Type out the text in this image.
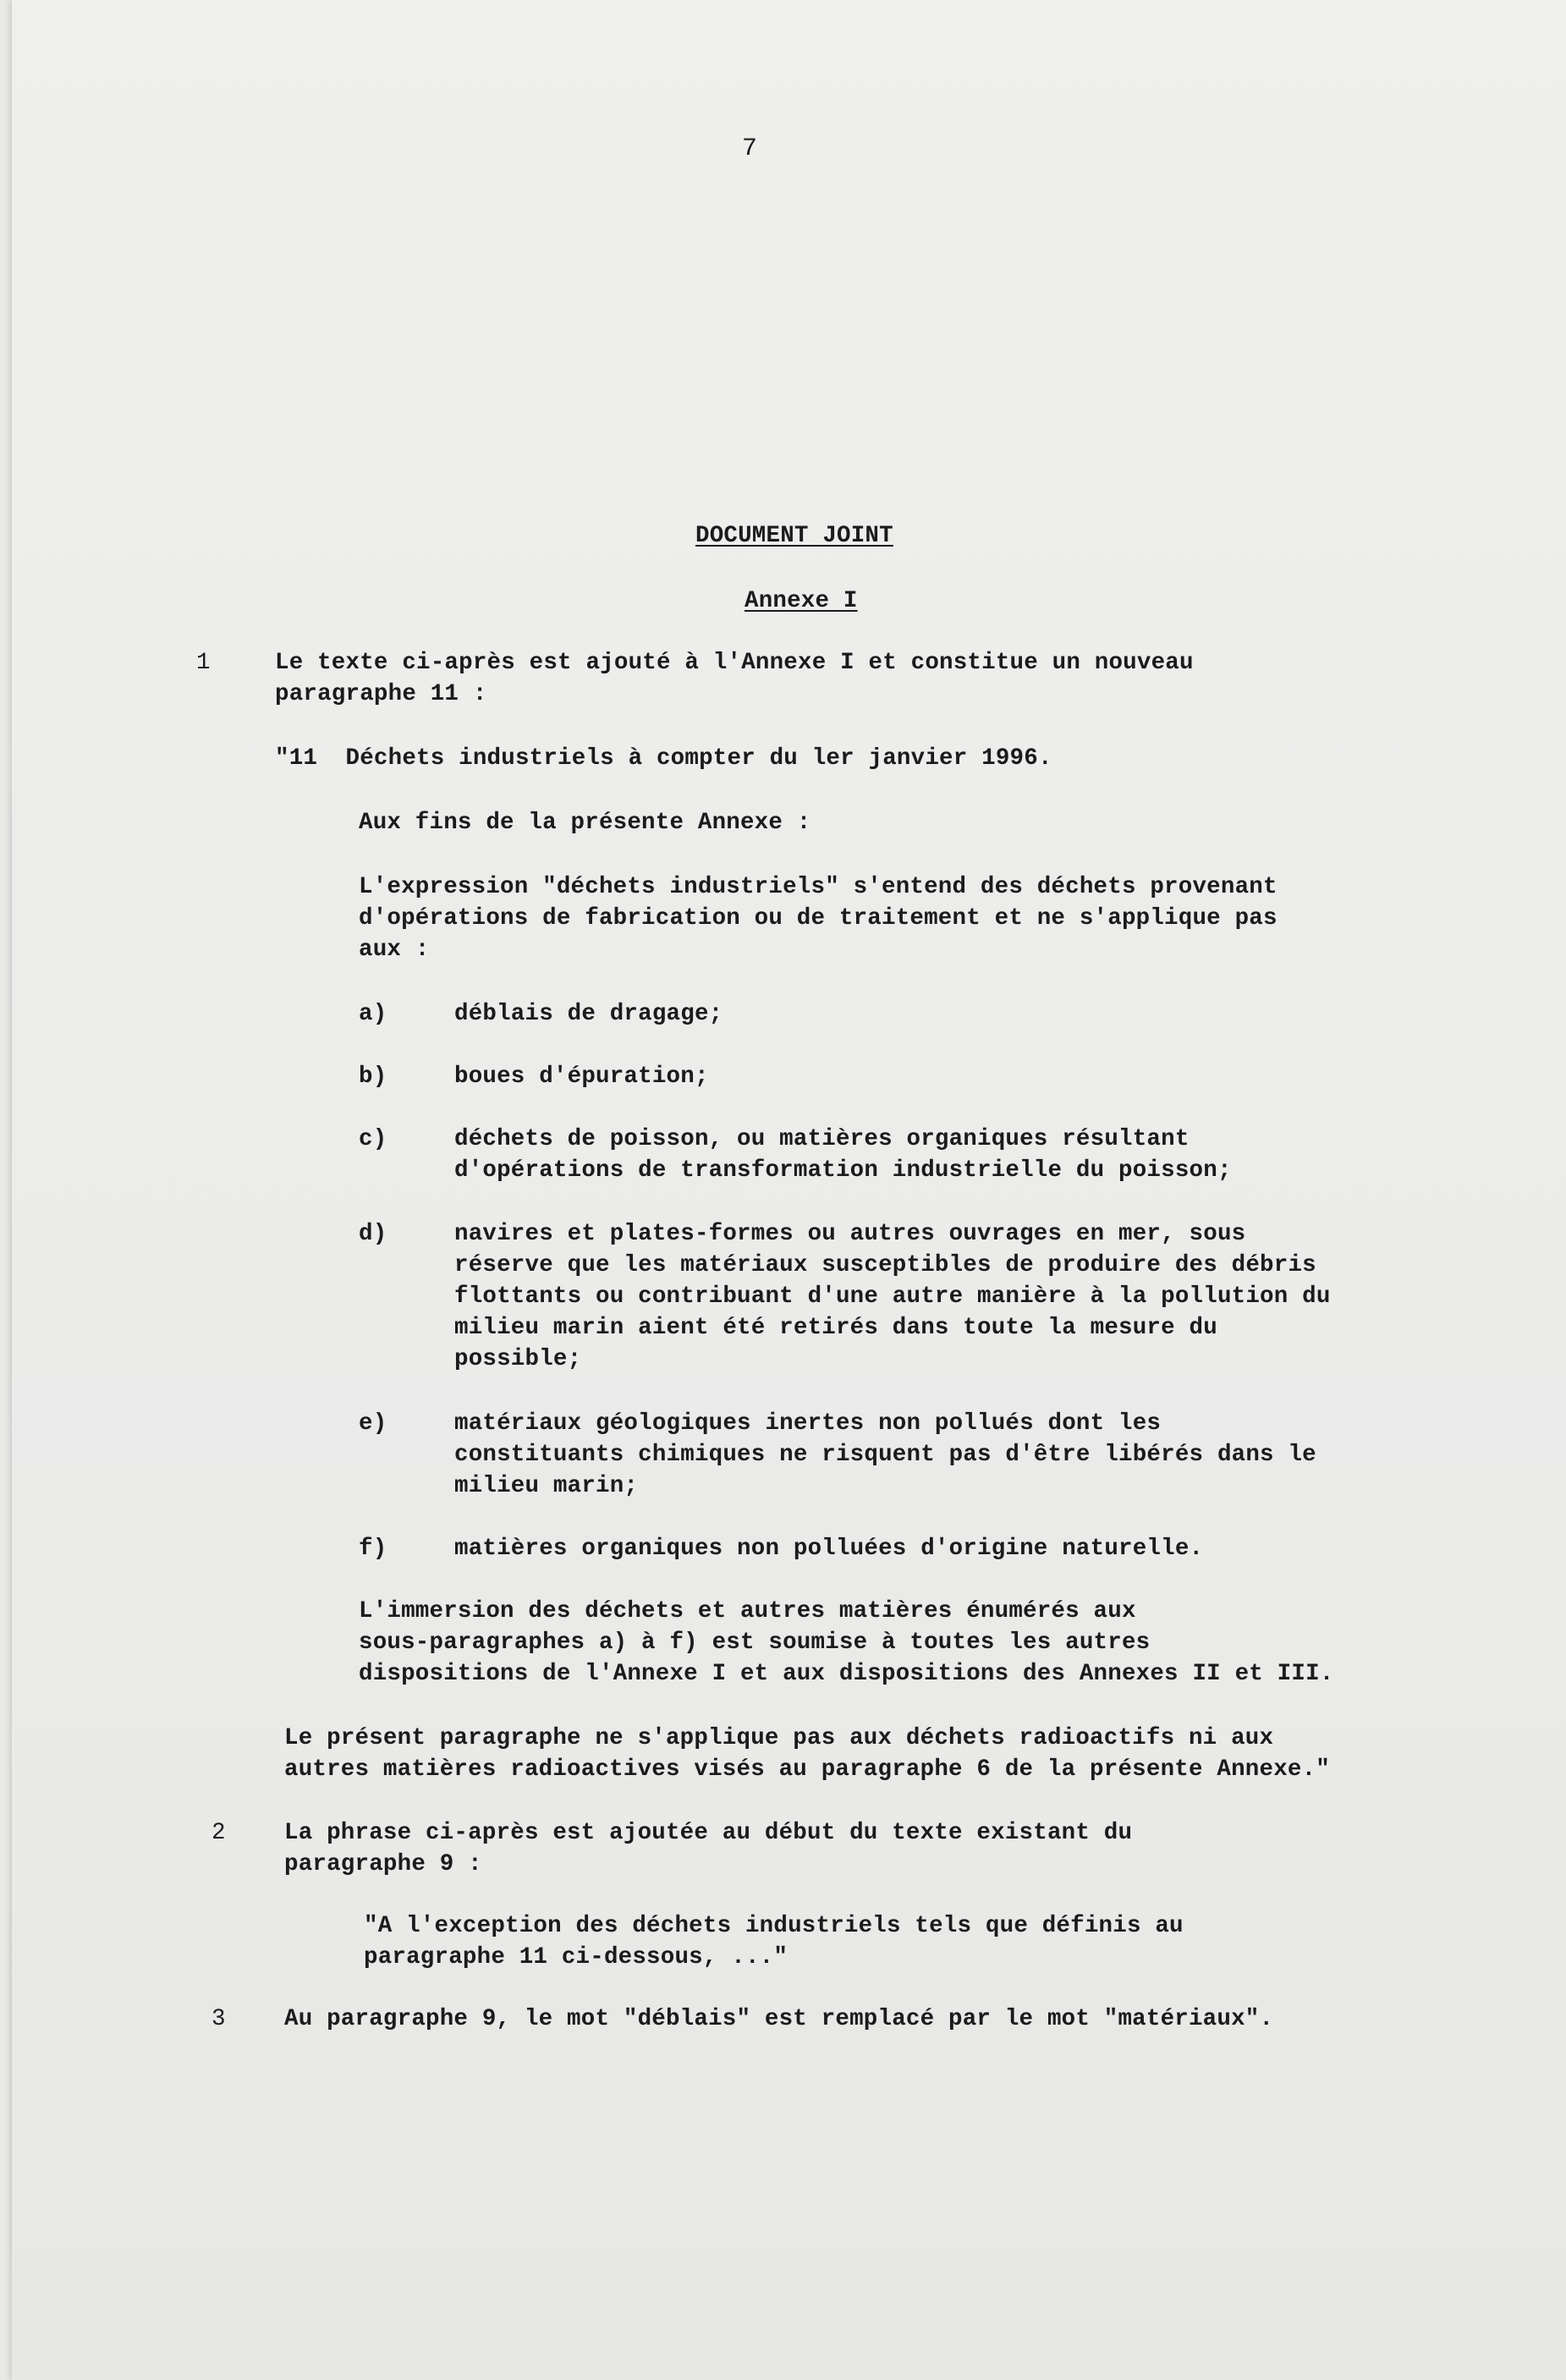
7
DOCUMENT JOINT
Annexe I
1	Le texte ci-après est ajouté à l'Annexe I et constitue un nouveau
paragraphe 11 :
"11  Déchets industriels à compter du ler janvier 1996.
Aux fins de la présente Annexe :
L'expression "déchets industriels" s'entend des déchets provenant
d'opérations de fabrication ou de traitement et ne s'applique pas
aux :
a)	déblais de dragage;
b)	boues d'épuration;
c)	déchets de poisson, ou matières organiques résultant
d'opérations de transformation industrielle du poisson;
d)	navires et plates-formes ou autres ouvrages en mer, sous
réserve que les matériaux susceptibles de produire des débris
flottants ou contribuant d'une autre manière à la pollution du
milieu marin aient été retirés dans toute la mesure du
possible;
e)	matériaux géologiques inertes non pollués dont les
constituants chimiques ne risquent pas d'être libérés dans le
milieu marin;
f)	matières organiques non polluées d'origine naturelle.
L'immersion des déchets et autres matières énumérés aux
sous-paragraphes a) à f) est soumise à toutes les autres
dispositions de l'Annexe I et aux dispositions des Annexes II et III.
Le présent paragraphe ne s'applique pas aux déchets radioactifs ni aux
autres matières radioactives visés au paragraphe 6 de la présente Annexe."
2	La phrase ci-après est ajoutée au début du texte existant du
paragraphe 9 :
"A l'exception des déchets industriels tels que définis au
paragraphe 11 ci-dessous, ..."
3	Au paragraphe 9, le mot "déblais" est remplacé par le mot "matériaux".
